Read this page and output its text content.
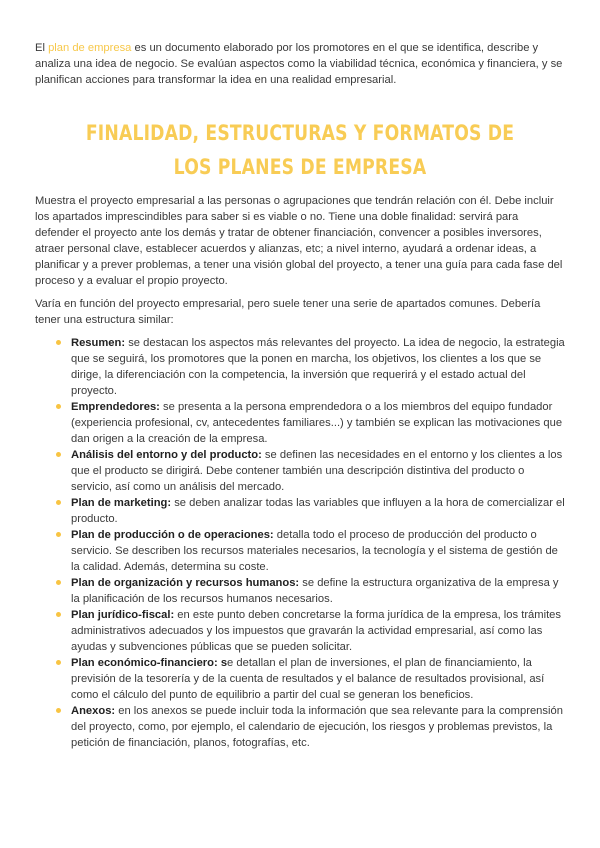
El plan de empresa es un documento elaborado por los promotores en el que se identifica, describe y analiza una idea de negocio. Se evalúan aspectos como la viabilidad técnica, económica y financiera, y se planifican acciones para transformar la idea en una realidad empresarial.

FINALIDAD, ESTRUCTURAS Y FORMATOS DE LOS PLANES DE EMPRESA

Muestra el proyecto empresarial a las personas o agrupaciones que tendrán relación con él. Debe incluir los apartados imprescindibles para saber si es viable o no. Tiene una doble finalidad: servirá para defender el proyecto ante los demás y tratar de obtener financiación, convencer a posibles inversores, atraer personal clave, establecer acuerdos y alianzas, etc; a nivel interno, ayudará a ordenar ideas, a planificar y a prever problemas, a tener una visión global del proyecto, a tener una guía para cada fase del proceso y a evaluar el propio proyecto.

Varía en función del proyecto empresarial, pero suele tener una serie de apartados comunes. Debería tener una estructura similar:

Resumen: se destacan los aspectos más relevantes del proyecto. La idea de negocio, la estrategia que se seguirá, los promotores que la ponen en marcha, los objetivos, los clientes a los que se dirige, la diferenciación con la competencia, la inversión que requerirá y el estado actual del proyecto.
Emprendedores: se presenta a la persona emprendedora o a los miembros del equipo fundador (experiencia profesional, cv, antecedentes familiares...) y también se explican las motivaciones que dan origen a la creación de la empresa.
Análisis del entorno y del producto: se definen las necesidades en el entorno y los clientes a los que el producto se dirigirá. Debe contener también una descripción distintiva del producto o servicio, así como un análisis del mercado.
Plan de marketing: se deben analizar todas las variables que influyen a la hora de comercializar el producto.
Plan de producción o de operaciones: detalla todo el proceso de producción del producto o servicio. Se describen los recursos materiales necesarios, la tecnología y el sistema de gestión de la calidad. Además, determina su coste.
Plan de organización y recursos humanos: se define la estructura organizativa de la empresa y la planificación de los recursos humanos necesarios.
Plan jurídico-fiscal: en este punto deben concretarse la forma jurídica de la empresa, los trámites administrativos adecuados y los impuestos que gravarán la actividad empresarial, así como las ayudas y subvenciones públicas que se pueden solicitar.
Plan económico-financiero: se detallan el plan de inversiones, el plan de financiamiento, la previsión de la tesorería y de la cuenta de resultados y el balance de resultados provisional, así como el cálculo del punto de equilibrio a partir del cual se generan los beneficios.
Anexos: en los anexos se puede incluir toda la información que sea relevante para la comprensión del proyecto, como, por ejemplo, el calendario de ejecución, los riesgos y problemas previstos, la petición de financiación, planos, fotografías, etc.
